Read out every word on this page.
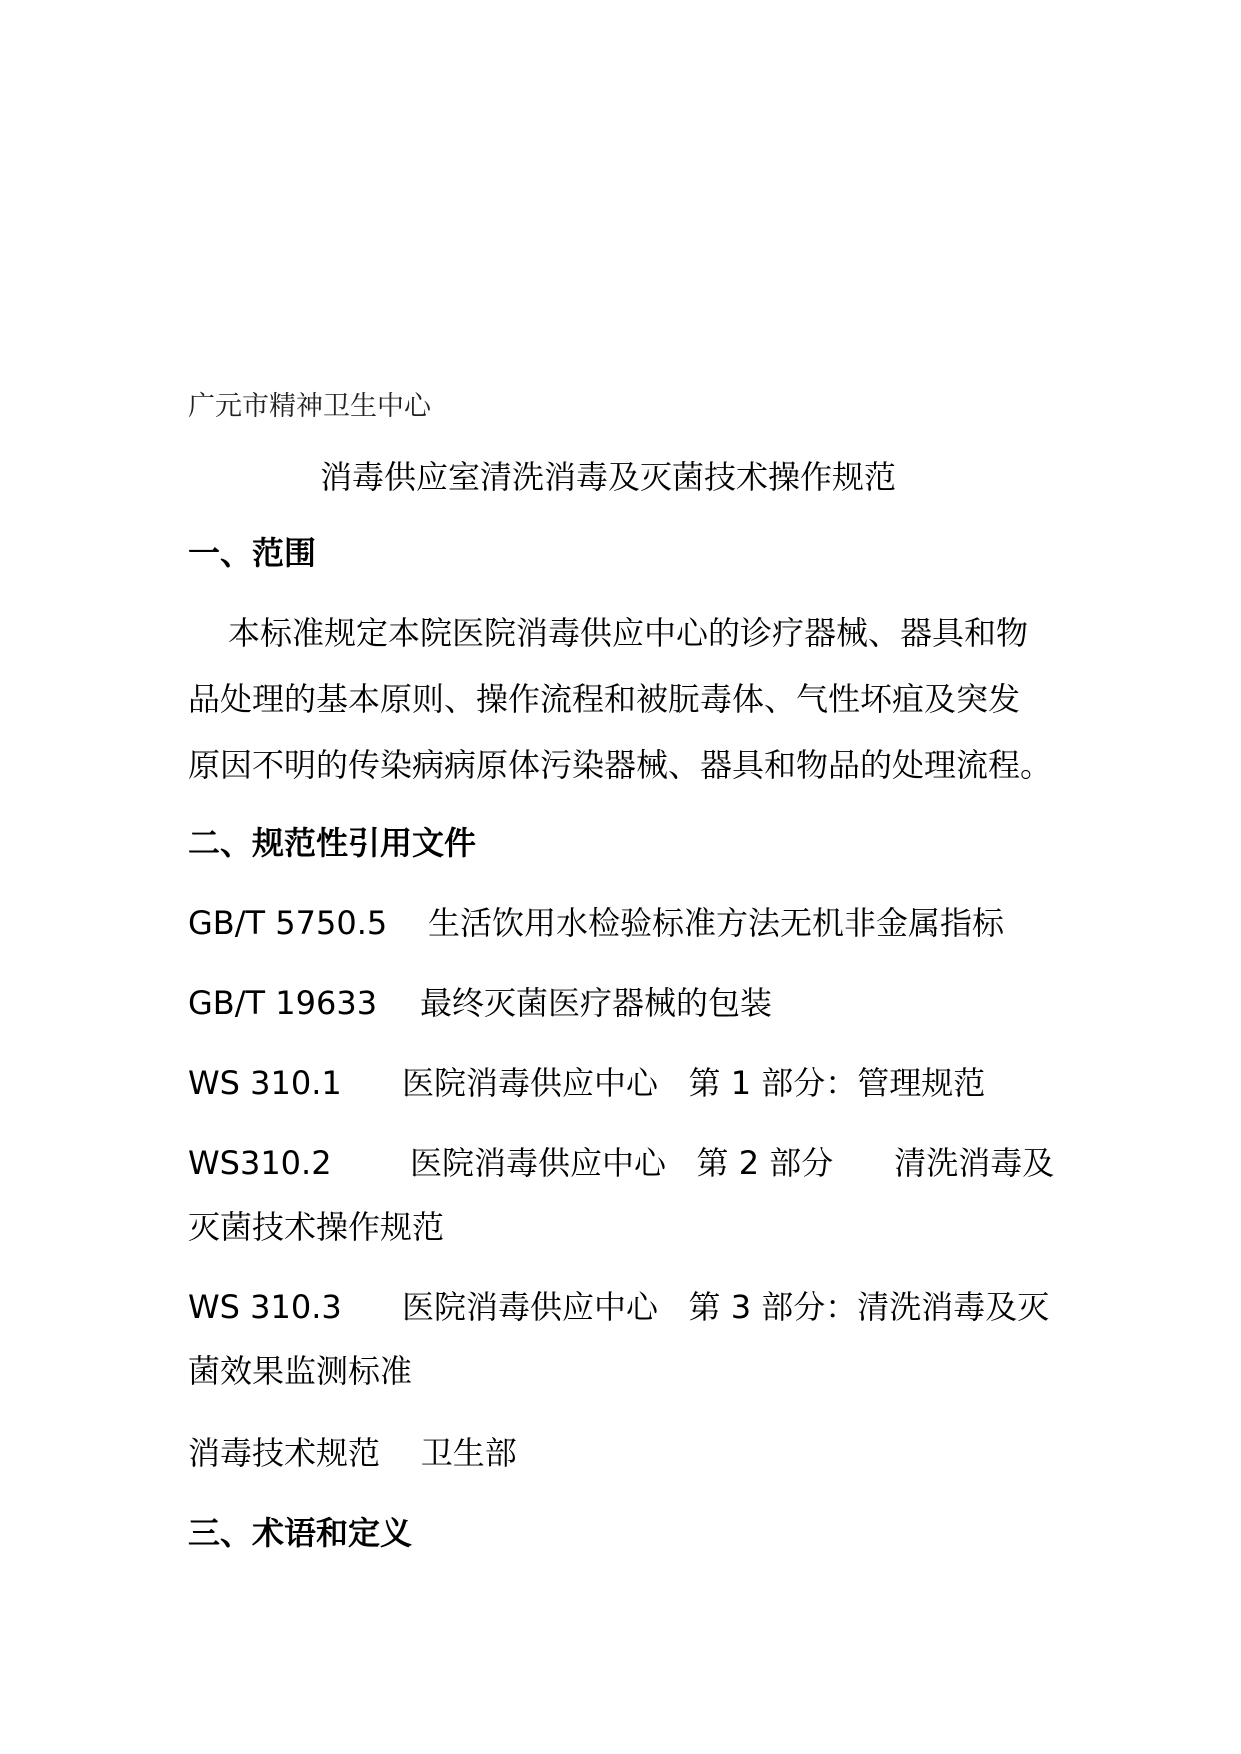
广元市精神卫生中心
消毒供应室清洗消毒及灭菌技术操作规范
一、范围
本标准规定本院医院消毒供应中心的诊疗器械、器具和物
品处理的基本原则、操作流程和被朊毒体、气性坏疽及突发
原因不明的传染病病原体污染器械、器具和物品的处理流程。
二、规范性引用文件
GB/T 5750.5 生活饮用水检验标准方法无机非金属指标
GB/T 19633 最终灭菌医疗器械的包装
WS 310.1 医院消毒供应中心   第 1 部分：管理规范
WS310.2 医院消毒供应中心   第 2 部分      清洗消毒及
灭菌技术操作规范
WS 310.3 医院消毒供应中心   第 3 部分：清洗消毒及灭
菌效果监测标准
消毒技术规范    卫生部
三、术语和定义
